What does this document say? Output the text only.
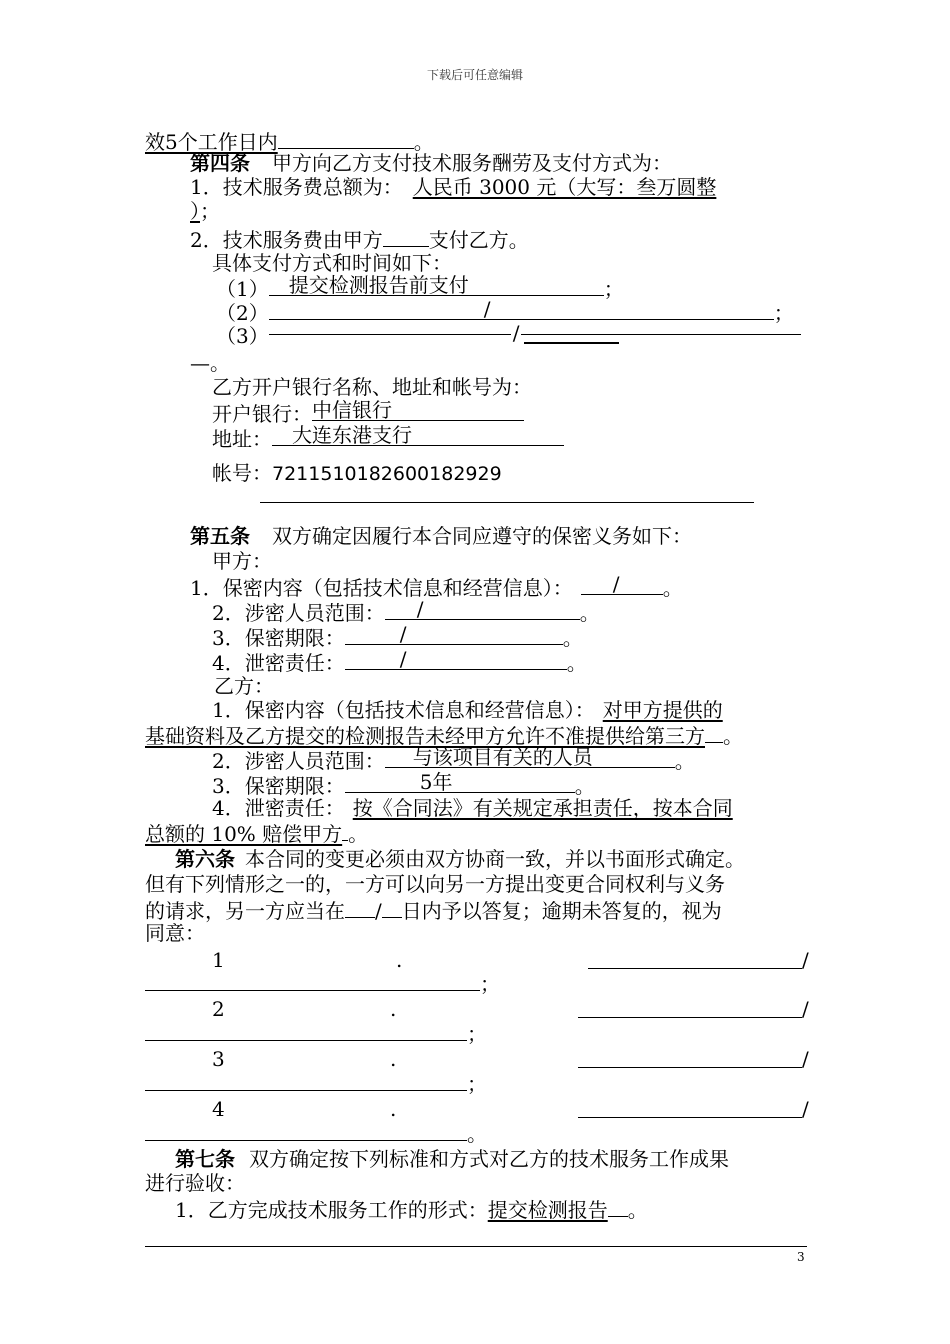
下载后可任意编辑
效5个工作日内	。
第四条 甲方向乙方支付技术服务酬劳及支付方式为：
1．技术服务费总额为： 人民币 3000 元（大写：叁万圆整
）；
2．技术服务费由甲方 支付乙方。
具体支付方式和时间如下：
（1） 提交检测报告前支付	；
（2）	/	；
（3）	/
—。
乙方开户银行名称、地址和帐号为：
开户银行： 中信银行
地址： 大连东港支行
帐号：7211510182600182929
第五条 双方确定因履行本合同应遵守的保密义务如下：
甲方：
1．保密内容（包括技术信息和经营信息）： / 。
2．涉密人员范围： /	。
3．保密期限：	/	。
4．泄密责任：	/	。
乙方：
1．保密内容（包括技术信息和经营信息）： 对甲方提供的
基础资料及乙方提交的检测报告未经甲方允许不准提供给第三方 。
2．涉密人员范围： 与该项目有关的人员	。
3．保密期限：	5年	。
4．泄密责任： 按《合同法》有关规定承担责任，按本合同
总额的 10% 赔偿甲方 。
第六条 本合同的变更必须由双方协商一致，并以书面形式确定。
但有下列情形之一的，一方可以向另一方提出变更合同权利与义务
的请求，另一方应当在 / 日内予以答复；逾期未答复的，视为
同意：
1	.	/
；
2	.	/
；
3	.	/
；
4	.	/
。
第七条 双方确定按下列标准和方式对乙方的技术服务工作成果
进行验收：
1．乙方完成技术服务工作的形式：提交检测报告 。
3
